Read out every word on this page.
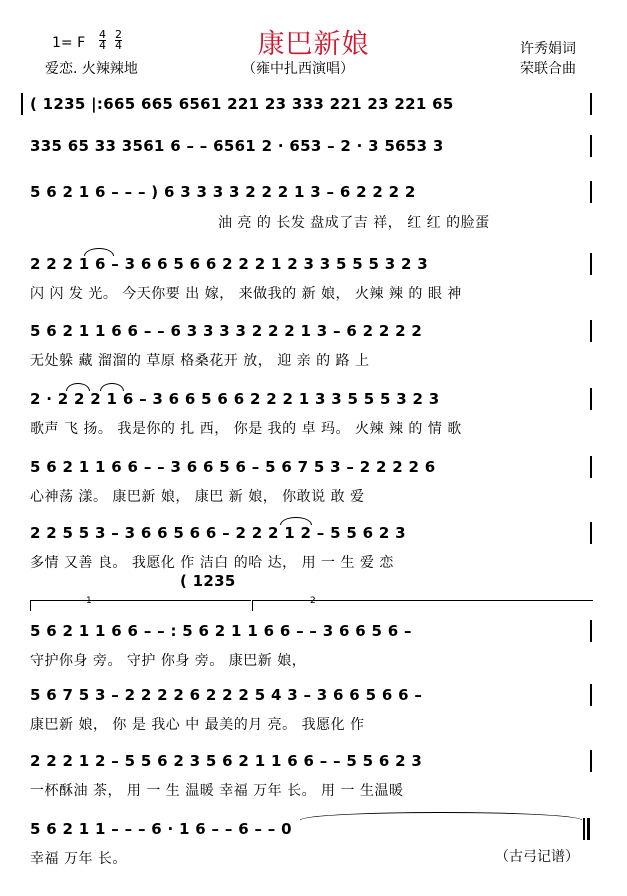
康巴新娘
1= F
4
4
2
4
爱恋. 火辣辣地	（雍中扎西演唱）
许秀娟词
荣联合曲
( 1235 |:665 665 6561 221 23 333 221 23 221 65
335 65 33 3561 6 – – 6561 2 · 653 – 2 · 3 5653 3
5 6 2 1 6 – – – ) 6 3 3 3 3 2 2 2 1 3 – 6 2 2 2 2
油 亮 的 长发 盘成了吉 祥， 红 红 的脸蛋
2 2 2 1 6 – 3 6 6 5 6 6 2 2 2 1 2 3 3 5 5 5 3 2 3
闪 闪 发 光。 今天你要 出 嫁， 来做我的 新 娘， 火辣 辣 的 眼 神
5 6 2 1 1 6 6 – – 6 3 3 3 3 2 2 2 1 3 – 6 2 2 2 2
无处躲 藏 溜溜的 草原 格桑花开 放， 迎 亲 的 路 上
2 · 2 2 2 1 6 – 3 6 6 5 6 6 2 2 2 1 3 3 5 5 5 3 2 3
歌声 飞 扬。 我是你的 扎 西， 你是 我的 卓 玛。 火辣 辣 的 情 歌
5 6 2 1 1 6 6 – – 3 6 6 5 6 – 5 6 7 5 3 – 2 2 2 2 6
心神荡 漾。 康巴新 娘， 康巴 新 娘， 你敢说 敢 爱
2 2 5 5 3 – 3 6 6 5 6 6 – 2 2 2 1 2 – 5 5 6 2 3
多情 又善 良。 我愿化 作 洁白 的哈 达， 用 一 生 爱 恋
( 1235
1	2
5 6 2 1 1 6 6 – – : 5 6 2 1 1 6 6 – – 3 6 6 5 6 –
守护你身 旁。 守护 你身 旁。 康巴新 娘，
5 6 7 5 3 – 2 2 2 2 6 2 2 2 5 4 3 – 3 6 6 5 6 6 –
康巴新 娘， 你 是 我心 中 最美的月 亮。 我愿化 作
2 2 2 1 2 – 5 5 6 2 3 5 6 2 1 1 6 6 – – 5 5 6 2 3
一杯酥油 茶， 用 一 生 温暖 幸福 万年 长。 用 一 生温暖
5 6 2 1 1 – – – 6 · 1 6 – – 6 – – 0
幸福 万年 长。	（古弓记谱）
